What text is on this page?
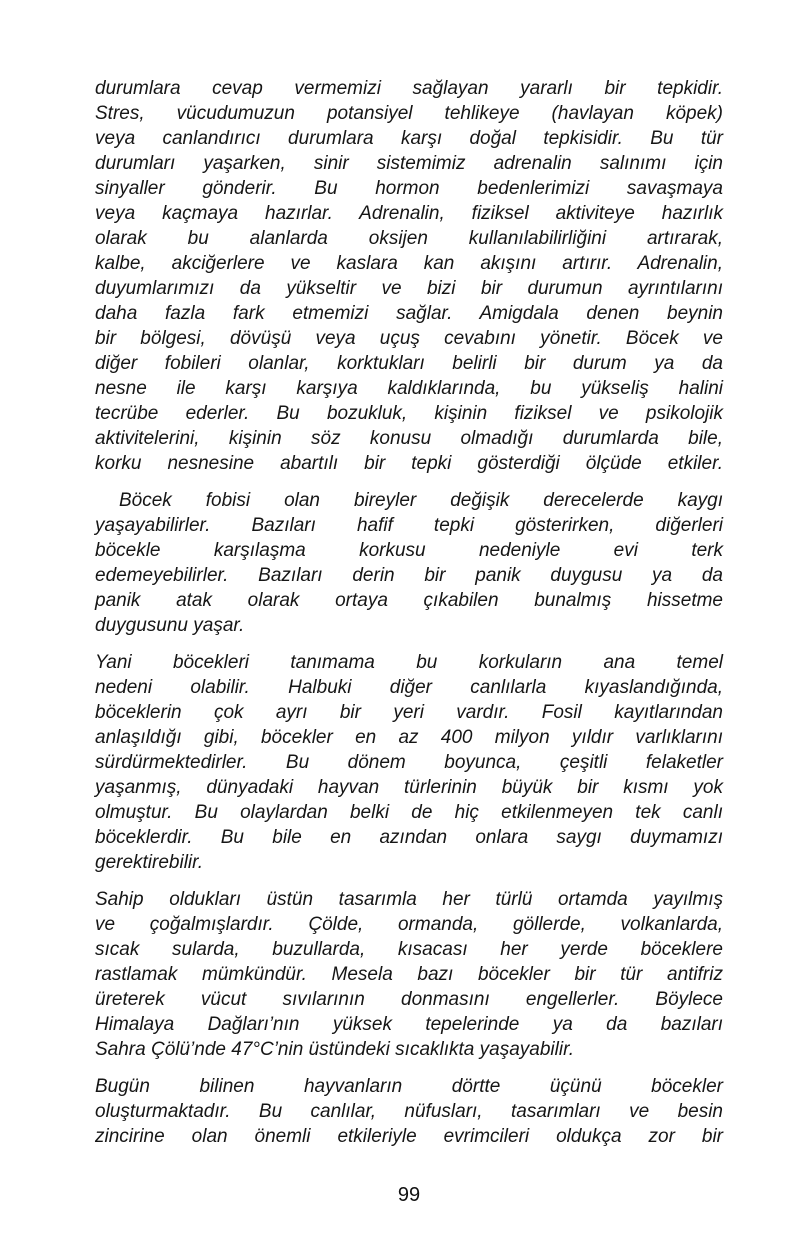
durumlara cevap vermemizi sağlayan yararlı bir tepkidir.
Stres, vücudumuzun potansiyel tehlikeye (havlayan köpek)
veya canlandırıcı durumlara karşı doğal tepkisidir. Bu tür
durumları yaşarken, sinir sistemimiz adrenalin salınımı için
sinyaller gönderir. Bu hormon bedenlerimizi savaşmaya
veya kaçmaya hazırlar. Adrenalin, fiziksel aktiviteye hazırlık
olarak bu alanlarda oksijen kullanılabilirliğini artırarak,
kalbe, akciğerlere ve kaslara kan akışını artırır. Adrenalin,
duyumlarımızı da yükseltir ve bizi bir durumun ayrıntılarını
daha fazla fark etmemizi sağlar. Amigdala denen beynin
bir bölgesi, dövüşü veya uçuş cevabını yönetir. Böcek ve
diğer fobileri olanlar, korktukları belirli bir durum ya da
nesne ile karşı karşıya kaldıklarında, bu yükseliş halini
tecrübe ederler. Bu bozukluk, kişinin fiziksel ve psikolojik
aktivitelerini, kişinin söz konusu olmadığı durumlarda bile,
korku nesnesine abartılı bir tepki gösterdiği ölçüde etkiler.
Böcek fobisi olan bireyler değişik derecelerde kaygı
yaşayabilirler. Bazıları hafif tepki gösterirken, diğerleri
böcekle karşılaşma korkusu nedeniyle evi terk
edemeyebilirler. Bazıları derin bir panik duygusu ya da
panik atak olarak ortaya çıkabilen bunalmış hissetme
duygusunu yaşar.
Yani böcekleri tanımama bu korkuların ana temel
nedeni olabilir. Halbuki diğer canlılarla kıyaslandığında,
böceklerin çok ayrı bir yeri vardır. Fosil kayıtlarından
anlaşıldığı gibi, böcekler en az 400 milyon yıldır varlıklarını
sürdürmektedirler. Bu dönem boyunca, çeşitli felaketler
yaşanmış, dünyadaki hayvan türlerinin büyük bir kısmı yok
olmuştur. Bu olaylardan belki de hiç etkilenmeyen tek canlı
böceklerdir. Bu bile en azından onlara saygı duymamızı
gerektirebilir.
Sahip oldukları üstün tasarımla her türlü ortamda yayılmış
ve çoğalmışlardır. Çölde, ormanda, göllerde, volkanlarda,
sıcak sularda, buzullarda, kısacası her yerde böceklere
rastlamak mümkündür. Mesela bazı böcekler bir tür antifriz
üreterek vücut sıvılarının donmasını engellerler. Böylece
Himalaya Dağları’nın yüksek tepelerinde ya da bazıları
Sahra Çölü’nde 47°C’nin üstündeki sıcaklıkta yaşayabilir.
Bugün bilinen hayvanların dörtte üçünü böcekler
oluşturmaktadır. Bu canlılar, nüfusları, tasarımları ve besin
zincirine olan önemli etkileriyle evrimcileri oldukça zor bir
99
